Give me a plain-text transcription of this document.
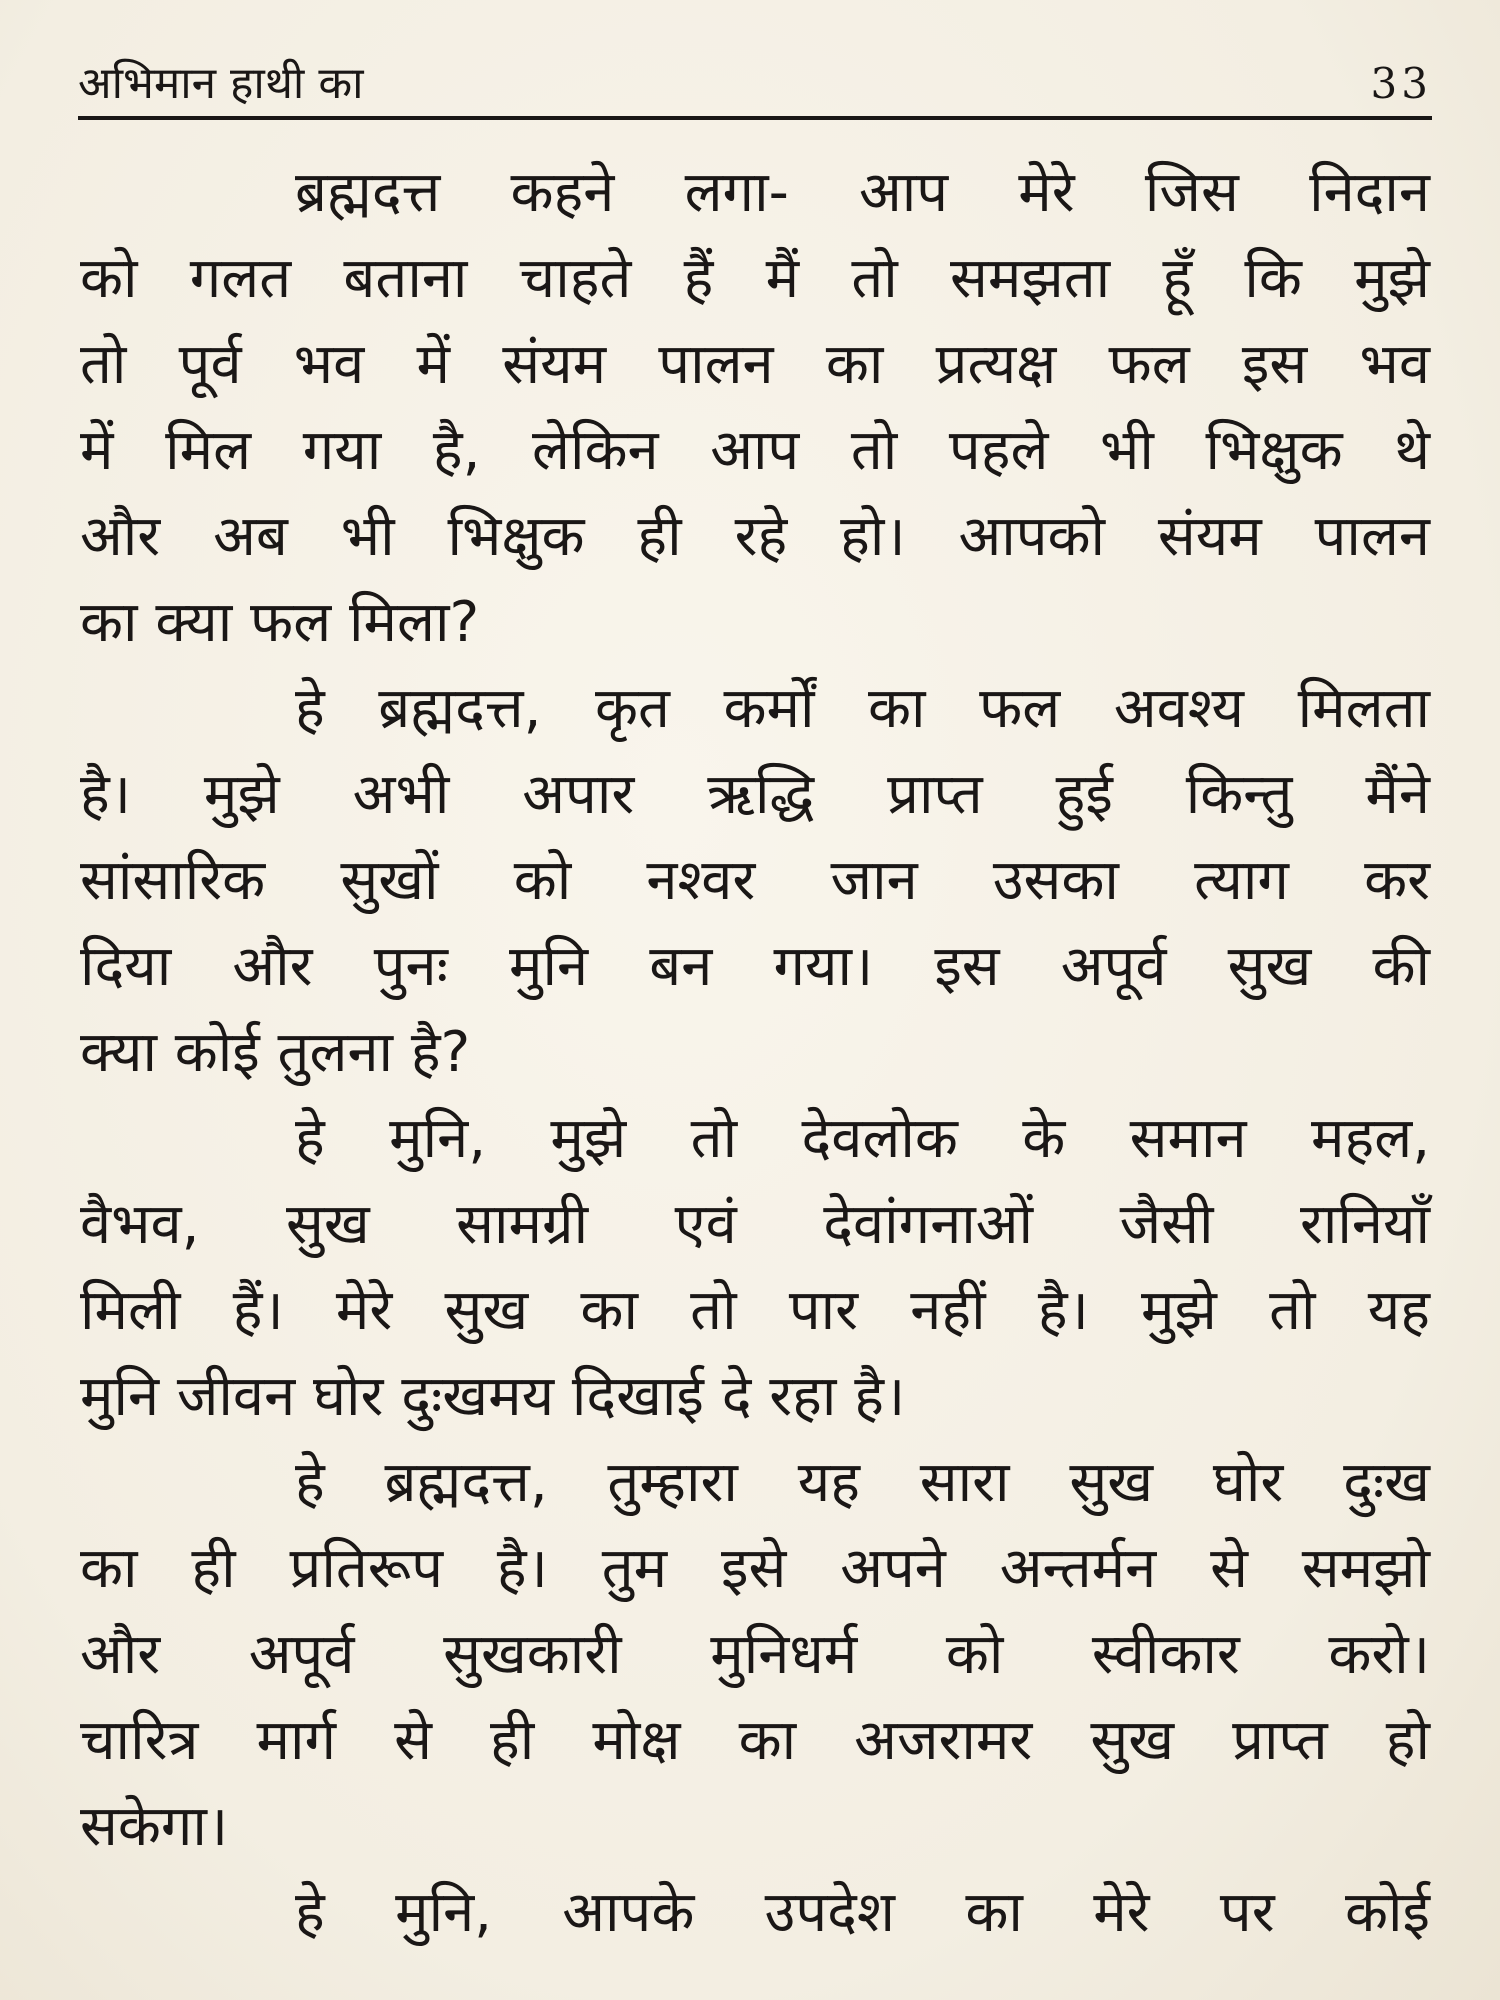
अभिमान हाथी का	33

ब्रह्मदत्त कहने लगा- आप मेरे जिस निदान
को गलत बताना चाहते हैं मैं तो समझता हूँ कि मुझे
तो पूर्व भव में संयम पालन का प्रत्यक्ष फल इस भव
में मिल गया है, लेकिन आप तो पहले भी भिक्षुक थे
और अब भी भिक्षुक ही रहे हो। आपको संयम पालन
का क्या फल मिला?

हे ब्रह्मदत्त, कृत कर्मों का फल अवश्य मिलता
है। मुझे अभी अपार ऋद्धि प्राप्त हुई किन्तु मैंने
सांसारिक सुखों को नश्वर जान उसका त्याग कर
दिया और पुनः मुनि बन गया। इस अपूर्व सुख की
क्या कोई तुलना है?

हे मुनि, मुझे तो देवलोक के समान महल,
वैभव, सुख सामग्री एवं देवांगनाओं जैसी रानियाँ
मिली हैं। मेरे सुख का तो पार नहीं है। मुझे तो यह
मुनि जीवन घोर दुःखमय दिखाई दे रहा है।

हे ब्रह्मदत्त, तुम्हारा यह सारा सुख घोर दुःख
का ही प्रतिरूप है। तुम इसे अपने अन्तर्मन से समझो
और अपूर्व सुखकारी मुनिधर्म को स्वीकार करो।
चारित्र मार्ग से ही मोक्ष का अजरामर सुख प्राप्त हो
सकेगा।

हे मुनि, आपके उपदेश का मेरे पर कोई
